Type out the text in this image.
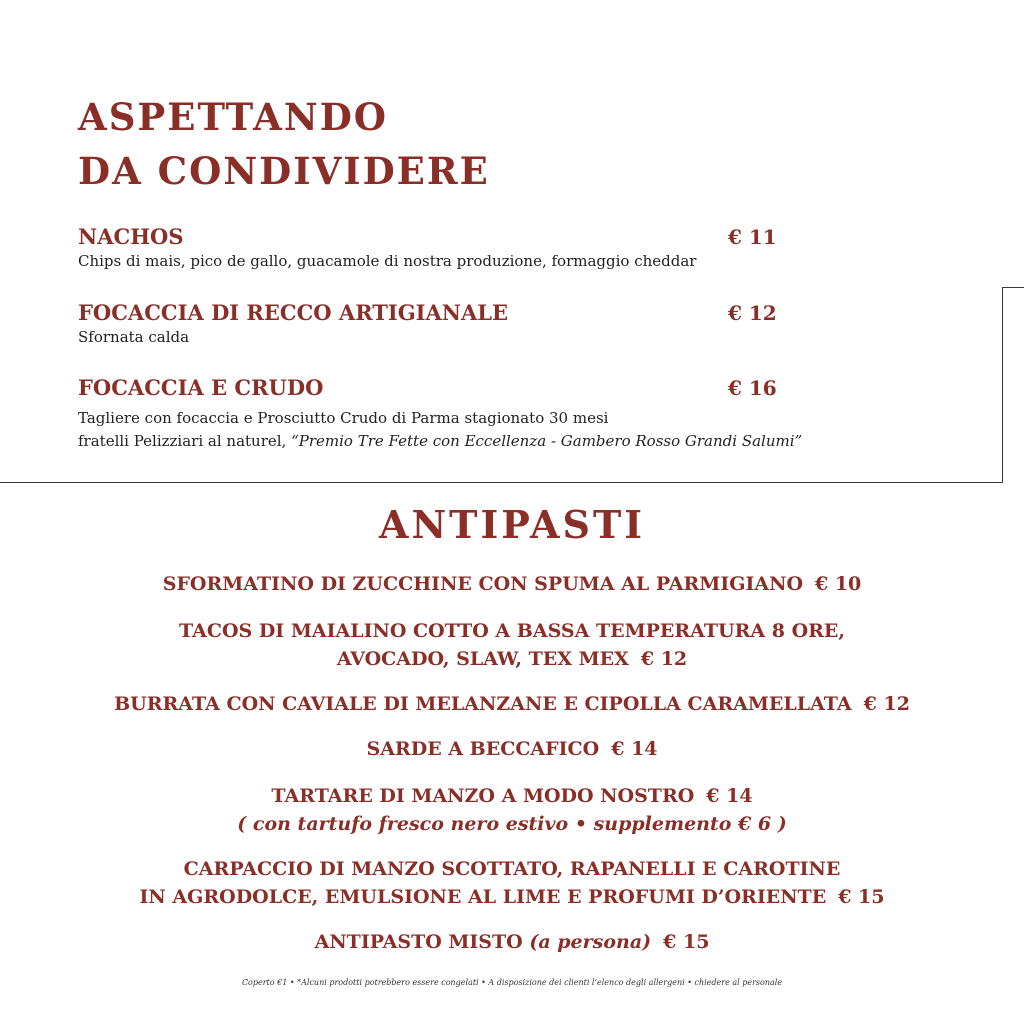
ASPETTANDO
DA CONDIVIDERE
NACHOS	€ 11
Chips di mais, pico de gallo, guacamole di nostra produzione, formaggio cheddar
FOCACCIA DI RECCO ARTIGIANALE	€ 12
Sfornata calda
FOCACCIA E CRUDO	€ 16
Tagliere con focaccia e Prosciutto Crudo di Parma stagionato 30 mesi
fratelli Pelizziari al naturel, “Premio Tre Fette con Eccellenza - Gambero Rosso Grandi Salumi”
ANTIPASTI
SFORMATINO DI ZUCCHINE CON SPUMA AL PARMIGIANO € 10
TACOS DI MAIALINO COTTO A BASSA TEMPERATURA 8 ORE,
AVOCADO, SLAW, TEX MEX € 12
BURRATA CON CAVIALE DI MELANZANE E CIPOLLA CARAMELLATA € 12
SARDE A BECCAFICO € 14
TARTARE DI MANZO A MODO NOSTRO € 14
( con tartufo fresco nero estivo • supplemento € 6 )
CARPACCIO DI MANZO SCOTTATO, RAPANELLI E CAROTINE
IN AGRODOLCE, EMULSIONE AL LIME E PROFUMI D’ORIENTE € 15
ANTIPASTO MISTO (a persona) € 15
Coperto €1 • *Alcuni prodotti potrebbero essere congelati • A disposizione dei clienti l’elenco degli allergeni • chiedere al personale
